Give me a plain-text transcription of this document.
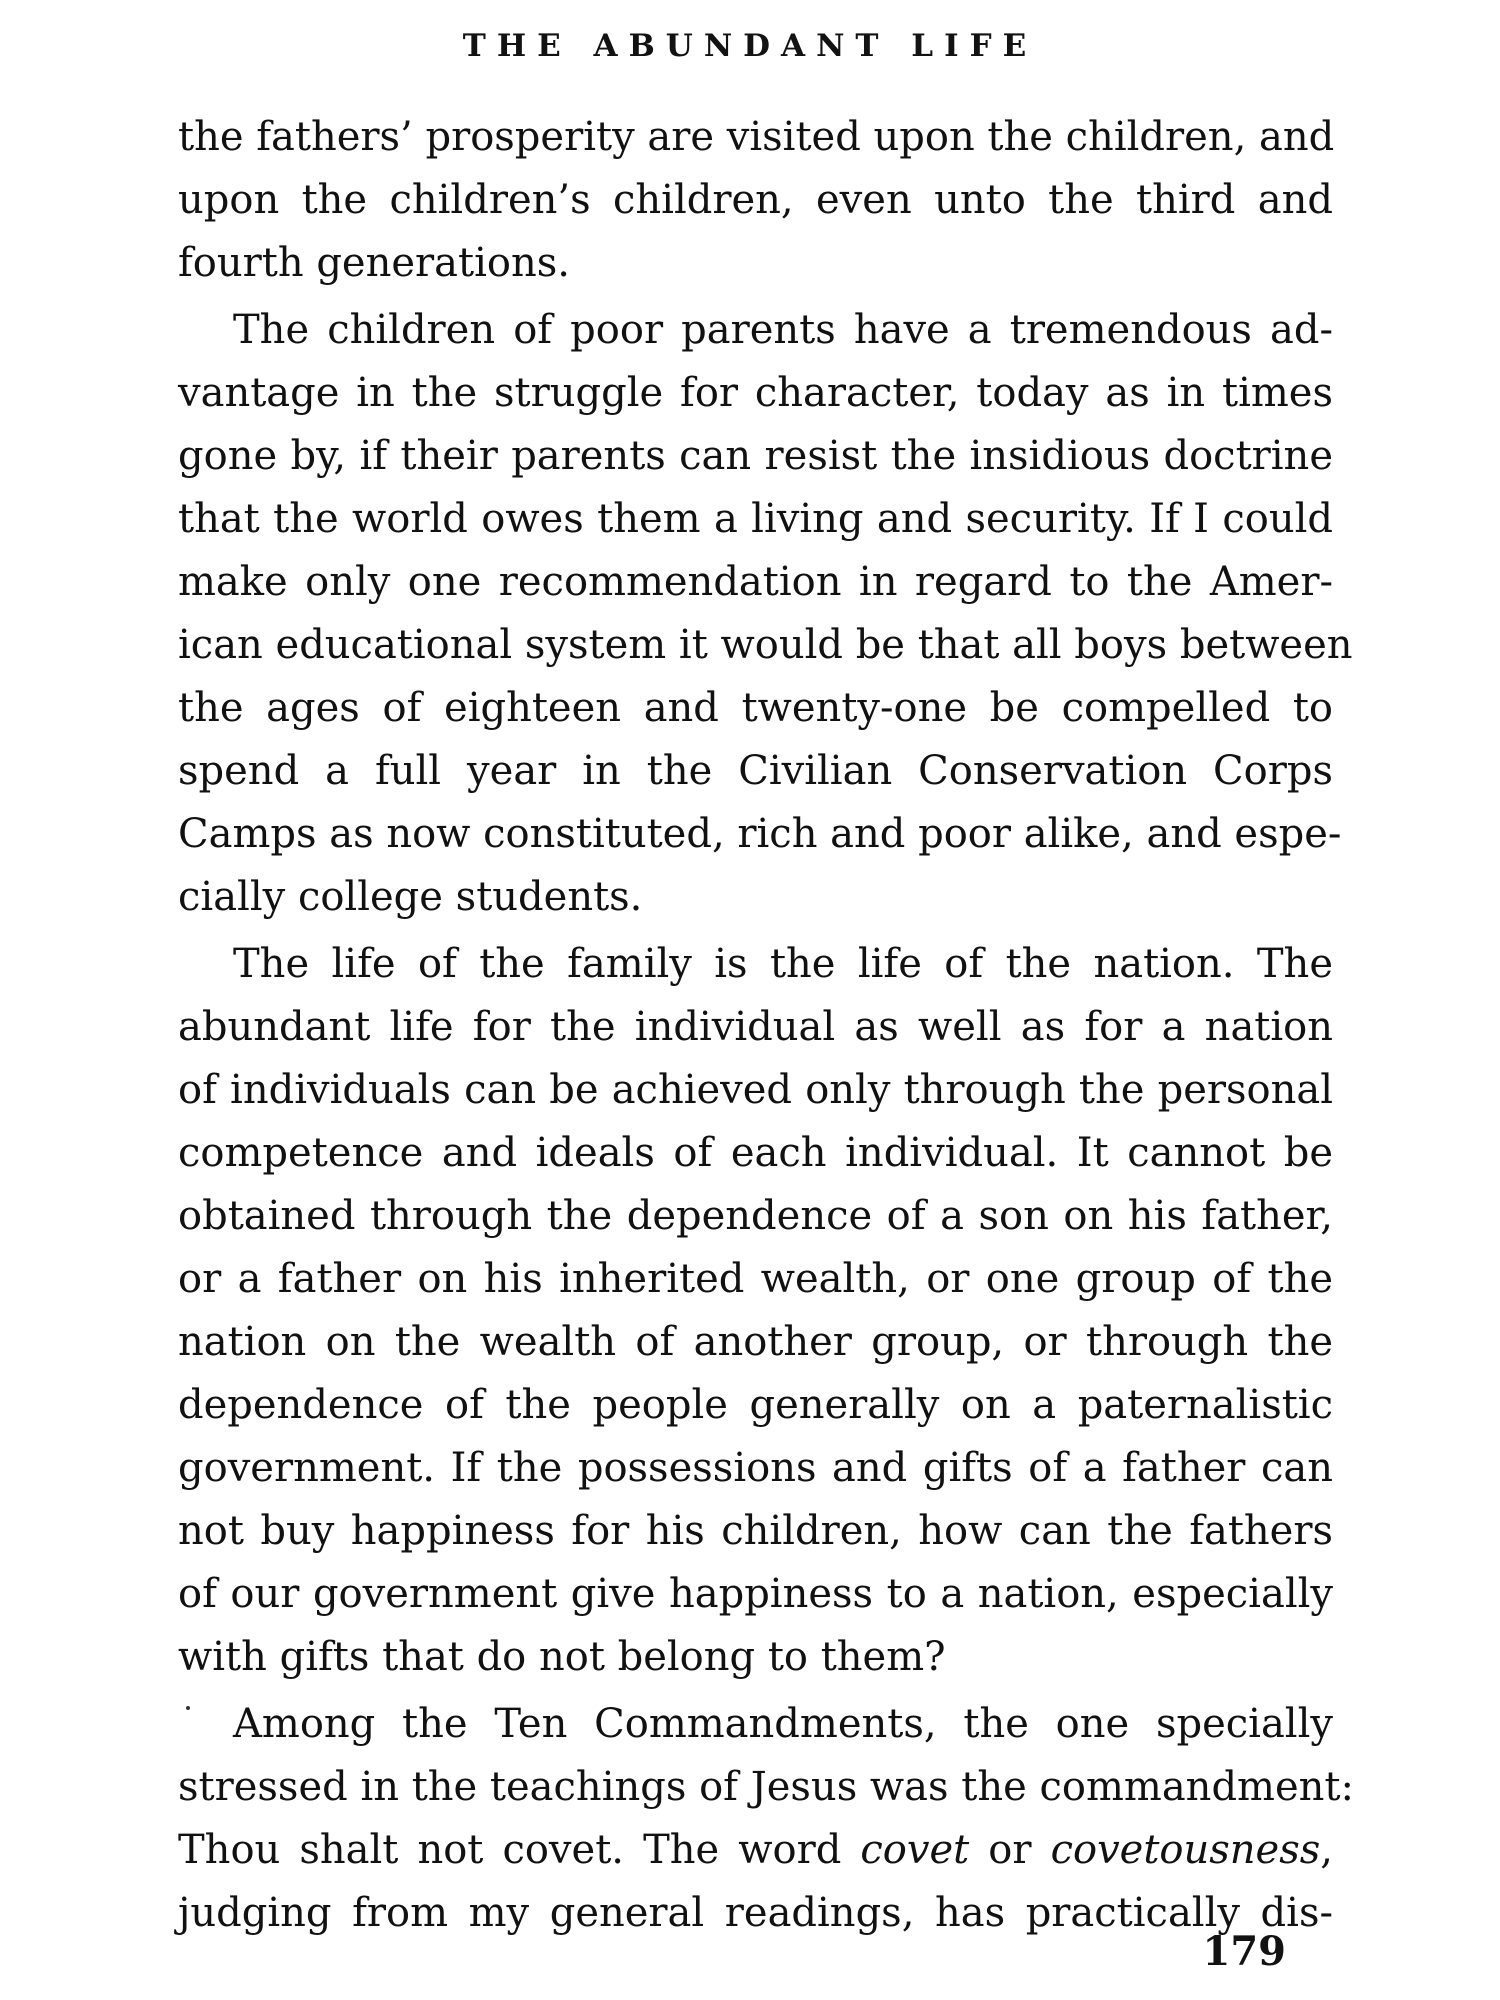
THE ABUNDANT LIFE
the fathers’ prosperity are visited upon the children, and
upon the children’s children, even unto the third and
fourth generations.
The children of poor parents have a tremendous ad-
vantage in the struggle for character, today as in times
gone by, if their parents can resist the insidious doctrine
that the world owes them a living and security. If I could
make only one recommendation in regard to the Amer-
ican educational system it would be that all boys between
the ages of eighteen and twenty-one be compelled to
spend a full year in the Civilian Conservation Corps
Camps as now constituted, rich and poor alike, and espe-
cially college students.
The life of the family is the life of the nation. The
abundant life for the individual as well as for a nation
of individuals can be achieved only through the personal
competence and ideals of each individual. It cannot be
obtained through the dependence of a son on his father,
or a father on his inherited wealth, or one group of the
nation on the wealth of another group, or through the
dependence of the people generally on a paternalistic
government. If the possessions and gifts of a father can
not buy happiness for his children, how can the fathers
of our government give happiness to a nation, especially
with gifts that do not belong to them?
Among the Ten Commandments, the one specially
stressed in the teachings of Jesus was the commandment:
Thou shalt not covet. The word covet or covetousness,
judging from my general readings, has practically dis-
179
